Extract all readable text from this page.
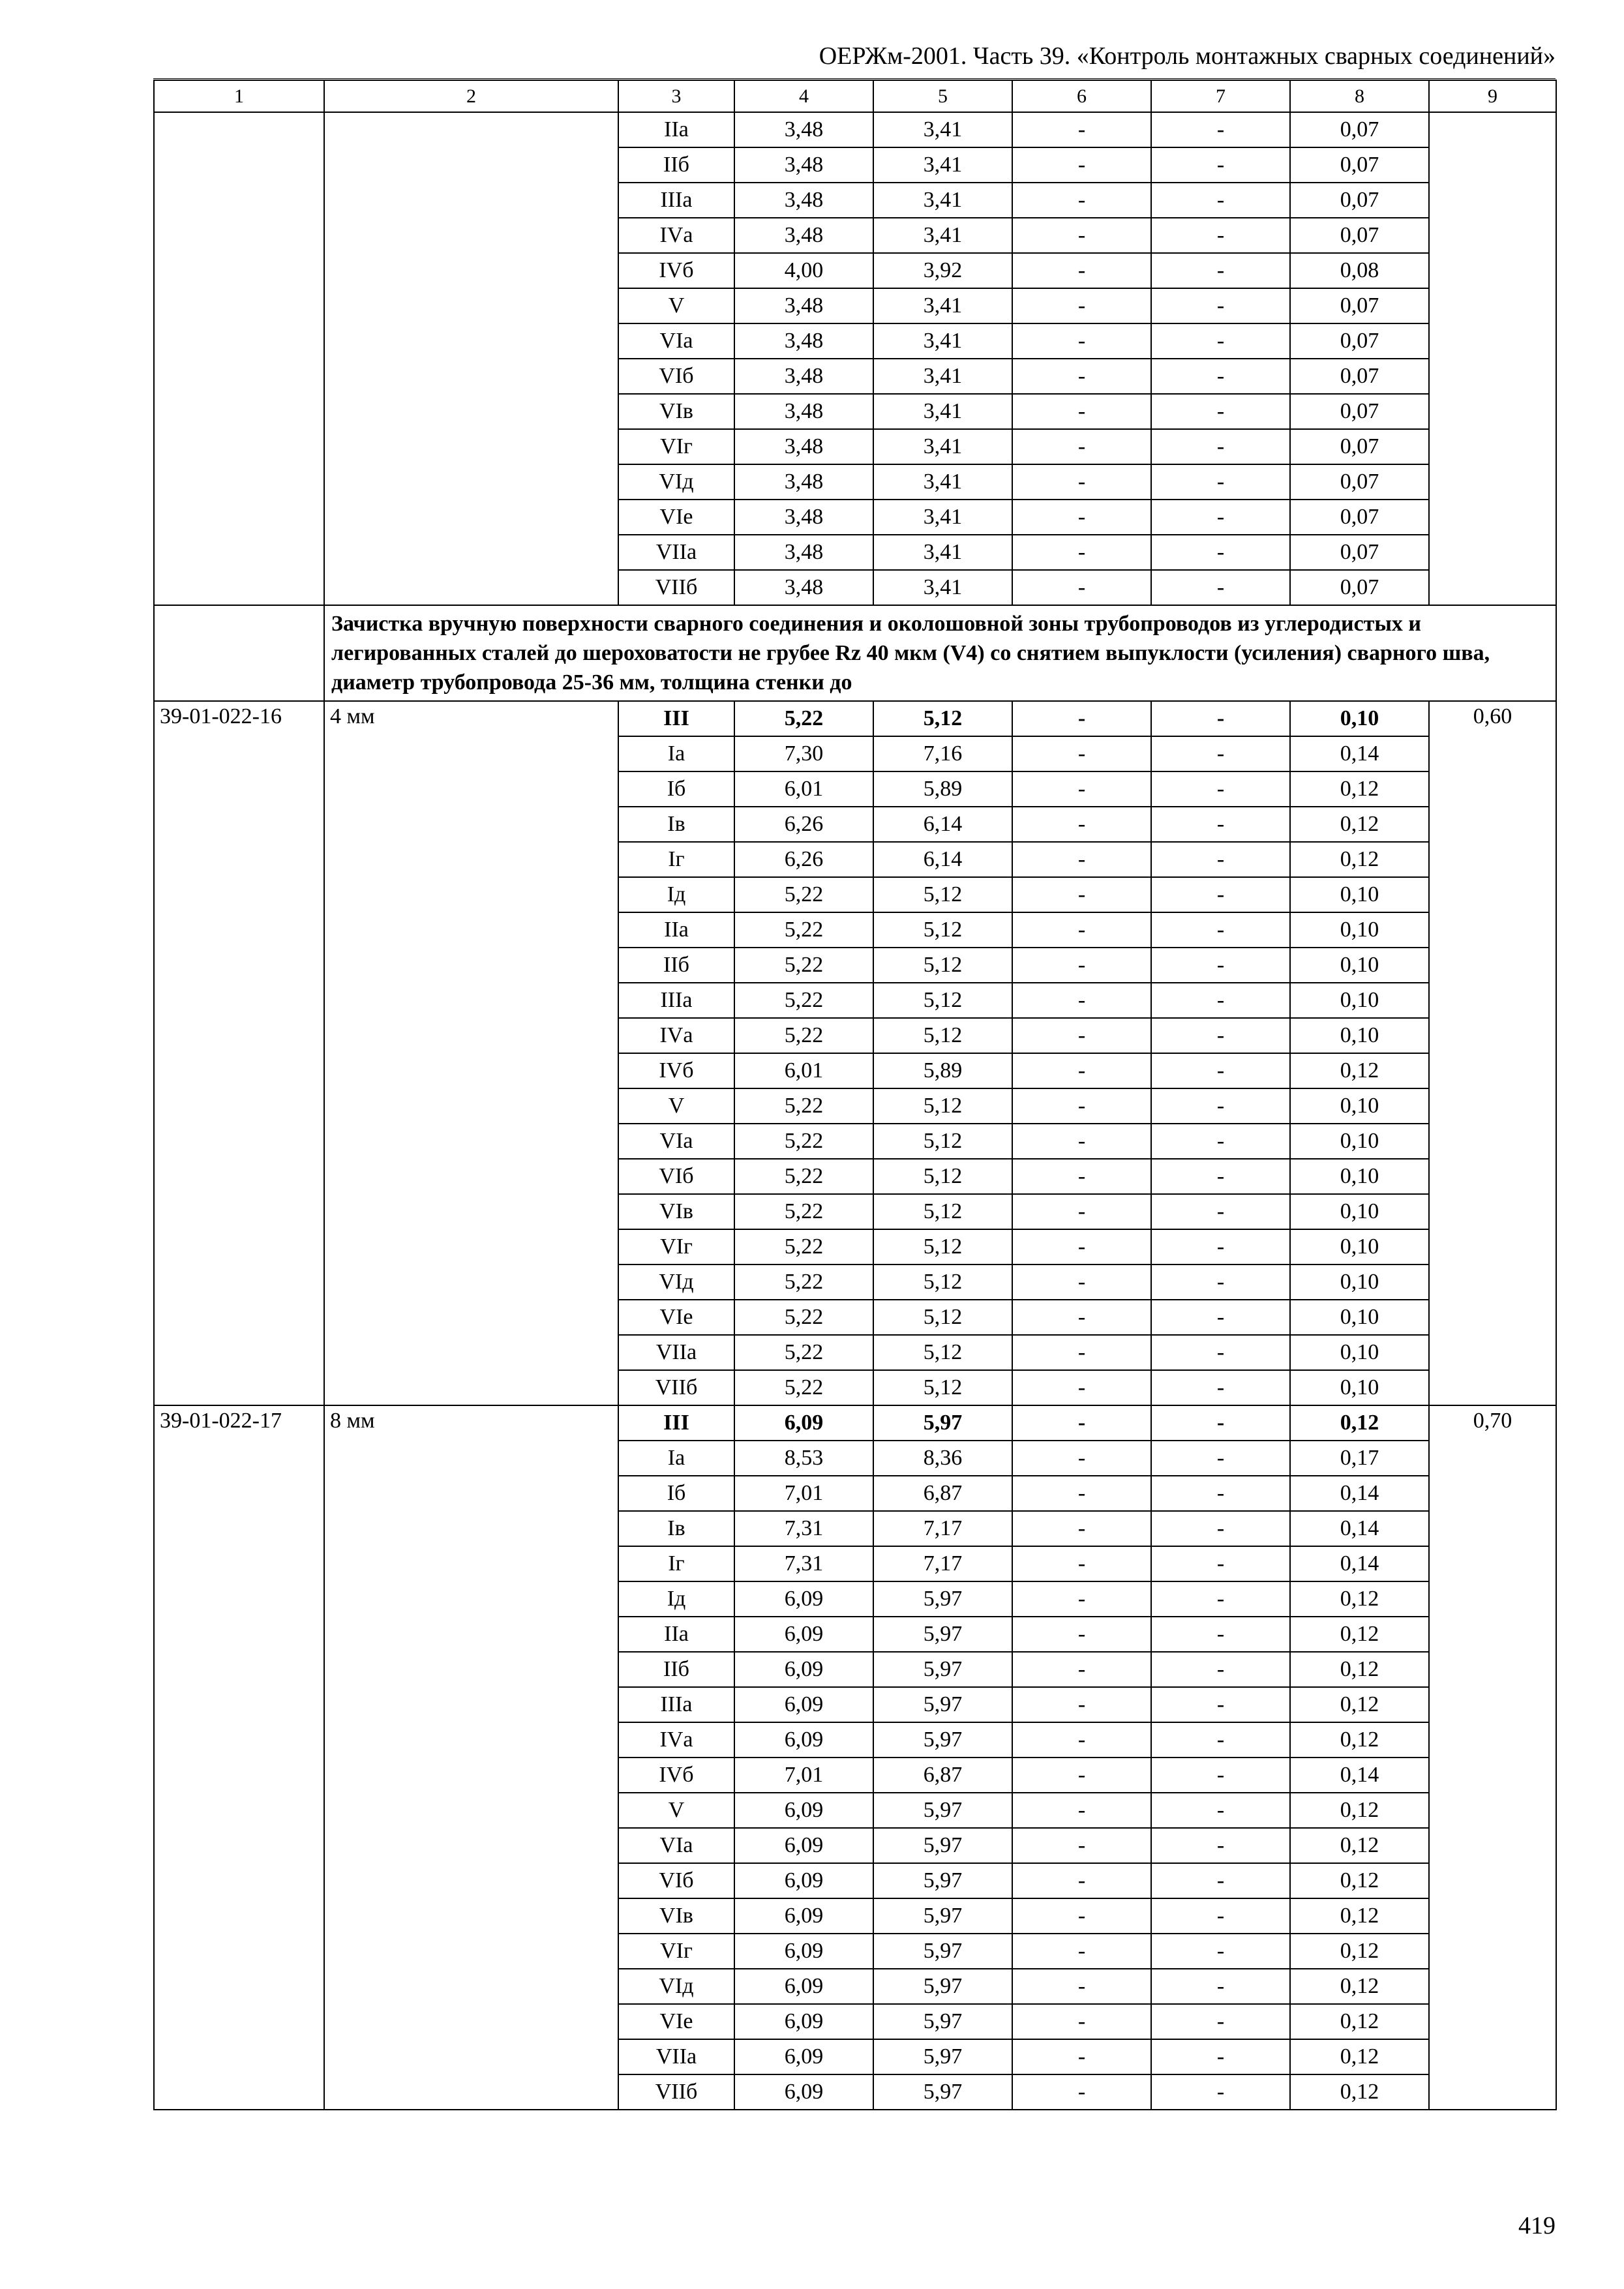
ОЕРЖм-2001. Часть 39. «Контроль монтажных сварных соединений»
1	2	3	4	5	6	7	8	9
		IIа	3,48	3,41	-	-	0,07	
		IIб	3,48	3,41	-	-	0,07	
		IIIа	3,48	3,41	-	-	0,07	
		IVа	3,48	3,41	-	-	0,07	
		IVб	4,00	3,92	-	-	0,08	
		V	3,48	3,41	-	-	0,07	
		VIа	3,48	3,41	-	-	0,07	
		VIб	3,48	3,41	-	-	0,07	
		VIв	3,48	3,41	-	-	0,07	
		VIг	3,48	3,41	-	-	0,07	
		VIд	3,48	3,41	-	-	0,07	
		VIе	3,48	3,41	-	-	0,07	
		VIIа	3,48	3,41	-	-	0,07	
		VIIб	3,48	3,41	-	-	0,07	
	Зачистка вручную поверхности сварного соединения и околошовной зоны трубопроводов из углеродистых и легированных сталей до шероховатости не грубее Rz 40 мкм (V4) со снятием выпуклости (усиления) сварного шва, диаметр трубопровода 25-36 мм, толщина стенки до							
39-01-022-16	4 мм	III	5,22	5,12	-	-	0,10	0,60
		Iа	7,30	7,16	-	-	0,14	
		Iб	6,01	5,89	-	-	0,12	
		Iв	6,26	6,14	-	-	0,12	
		Iг	6,26	6,14	-	-	0,12	
		Iд	5,22	5,12	-	-	0,10	
		IIа	5,22	5,12	-	-	0,10	
		IIб	5,22	5,12	-	-	0,10	
		IIIа	5,22	5,12	-	-	0,10	
		IVа	5,22	5,12	-	-	0,10	
		IVб	6,01	5,89	-	-	0,12	
		V	5,22	5,12	-	-	0,10	
		VIа	5,22	5,12	-	-	0,10	
		VIб	5,22	5,12	-	-	0,10	
		VIв	5,22	5,12	-	-	0,10	
		VIг	5,22	5,12	-	-	0,10	
		VIд	5,22	5,12	-	-	0,10	
		VIе	5,22	5,12	-	-	0,10	
		VIIа	5,22	5,12	-	-	0,10	
		VIIб	5,22	5,12	-	-	0,10	
39-01-022-17	8 мм	III	6,09	5,97	-	-	0,12	0,70
		Iа	8,53	8,36	-	-	0,17	
		Iб	7,01	6,87	-	-	0,14	
		Iв	7,31	7,17	-	-	0,14	
		Iг	7,31	7,17	-	-	0,14	
		Iд	6,09	5,97	-	-	0,12	
		IIа	6,09	5,97	-	-	0,12	
		IIб	6,09	5,97	-	-	0,12	
		IIIа	6,09	5,97	-	-	0,12	
		IVа	6,09	5,97	-	-	0,12	
		IVб	7,01	6,87	-	-	0,14	
		V	6,09	5,97	-	-	0,12	
		VIа	6,09	5,97	-	-	0,12	
		VIб	6,09	5,97	-	-	0,12	
		VIв	6,09	5,97	-	-	0,12	
		VIг	6,09	5,97	-	-	0,12	
		VIд	6,09	5,97	-	-	0,12	
		VIе	6,09	5,97	-	-	0,12	
		VIIа	6,09	5,97	-	-	0,12	
		VIIб	6,09	5,97	-	-	0,12	
419
